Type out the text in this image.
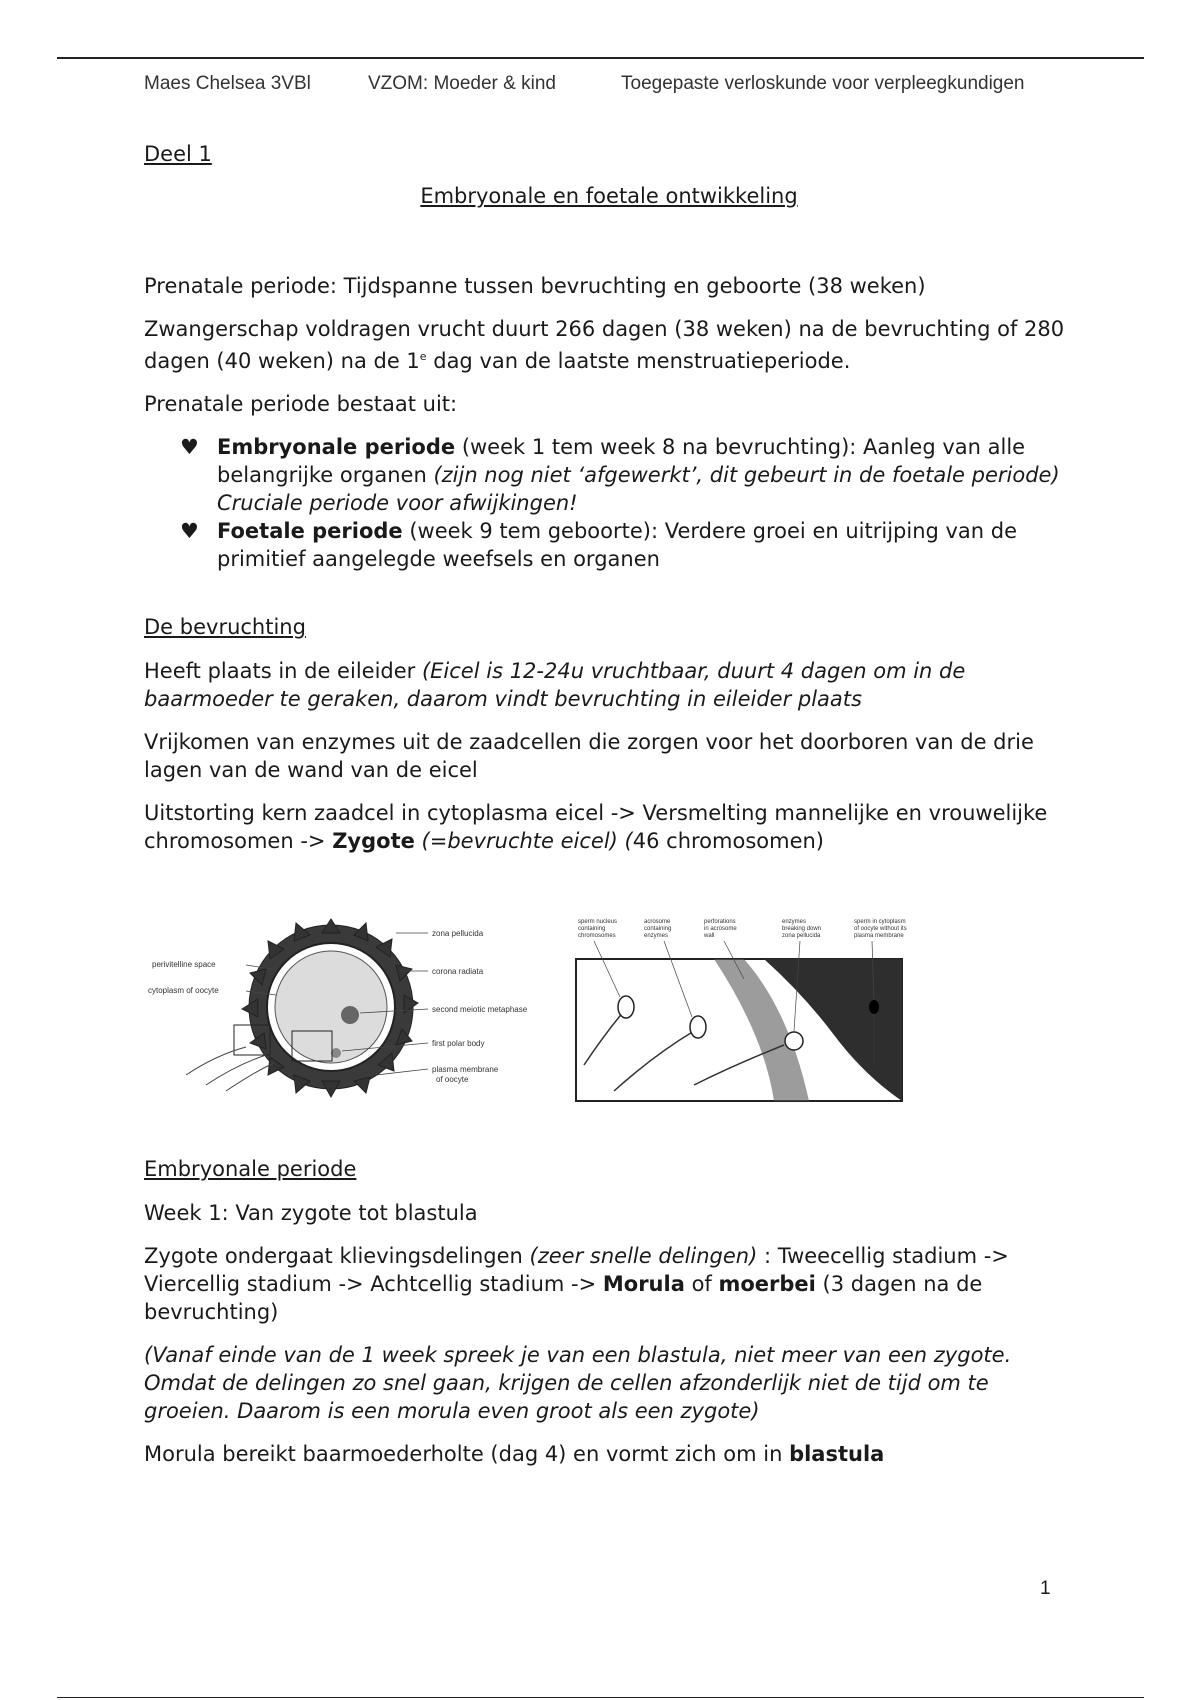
Maes Chelsea 3VBl	VZOM: Moeder & kind	Toegepaste verloskunde voor verpleegkundigen
Deel 1
Embryonale en foetale ontwikkeling

Prenatale periode: Tijdspanne tussen bevruchting en geboorte (38 weken)

Zwangerschap voldragen vrucht duurt 266 dagen (38 weken) na de bevruchting of 280 dagen (40 weken) na de 1e dag van de laatste menstruatieperiode.

Prenatale periode bestaat uit:

♥ Embryonale periode (week 1 tem week 8 na bevruchting): Aanleg van alle belangrijke organen (zijn nog niet ‘afgewerkt’, dit gebeurt in de foetale periode) Cruciale periode voor afwijkingen!
♥ Foetale periode (week 9 tem geboorte): Verdere groei en uitrijping van de primitief aangelegde weefsels en organen
De bevruchting

Heeft plaats in de eileider (Eicel is 12-24u vruchtbaar, duurt 4 dagen om in de baarmoeder te geraken, daarom vindt bevruchting in eileider plaats

Vrijkomen van enzymes uit de zaadcellen die zorgen voor het doorboren van de drie lagen van de wand van de eicel

Uitstorting kern zaadcel in cytoplasma eicel -> Versmelting mannelijke en vrouwelijke chromosomen -> Zygote (=bevruchte eicel) (46 chromosomen)

perivitelline space
cytoplasm of oocyte
zona pellucida
corona radiata
second meiotic metaphase
first polar body
plasma membrane
of oocyte
sperm nucleus
containing
chromosomes
acrosome
containing
enzymes
perforations
in acrosome
wall
enzymes
breaking down
zona pellucida
sperm in cytoplasm
of oocyte without its
plasma membrane
Embryonale periode

Week 1: Van zygote tot blastula

Zygote ondergaat klievingsdelingen (zeer snelle delingen) : Tweecellig stadium -> Viercellig stadium -> Achtcellig stadium -> Morula of moerbei (3 dagen na de bevruchting)

(Vanaf einde van de 1 week spreek je van een blastula, niet meer van een zygote. Omdat de delingen zo snel gaan, krijgen de cellen afzonderlijk niet de tijd om te groeien. Daarom is een morula even groot als een zygote)

Morula bereikt baarmoederholte (dag 4) en vormt zich om in blastula

1
